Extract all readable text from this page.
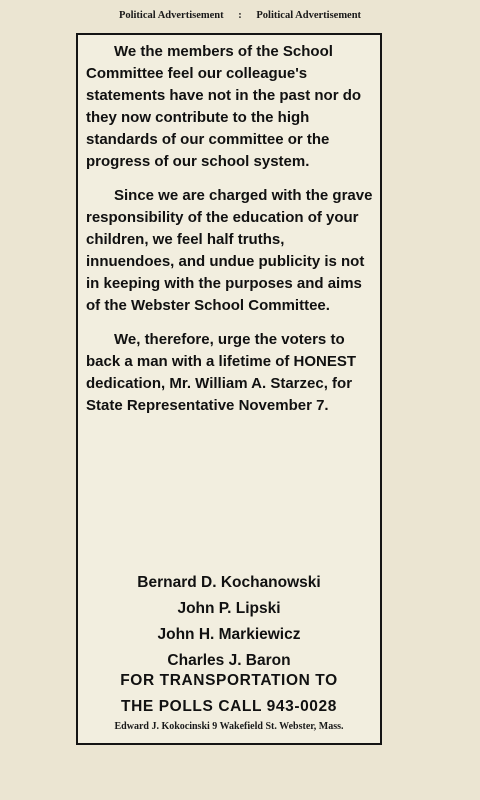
Political Advertisement : Political Advertisement

We the members of the School Committee feel our colleague's statements have not in the past nor do they now contribute to the high standards of our committee or the progress of our school system.

Since we are charged with the grave responsibility of the education of your children, we feel half truths, innuendoes, and undue publicity is not in keeping with the purposes and aims of the Webster School Committee.

We, therefore, urge the voters to back a man with a lifetime of HONEST dedication, Mr. William A. Starzec, for State Representative November 7.

Bernard D. Kochanowski
John P. Lipski
John H. Markiewicz
Charles J. Baron
FOR TRANSPORTATION TO
THE POLLS CALL 943-0028
Edward J. Kokocinski 9 Wakefield St. Webster, Mass.
